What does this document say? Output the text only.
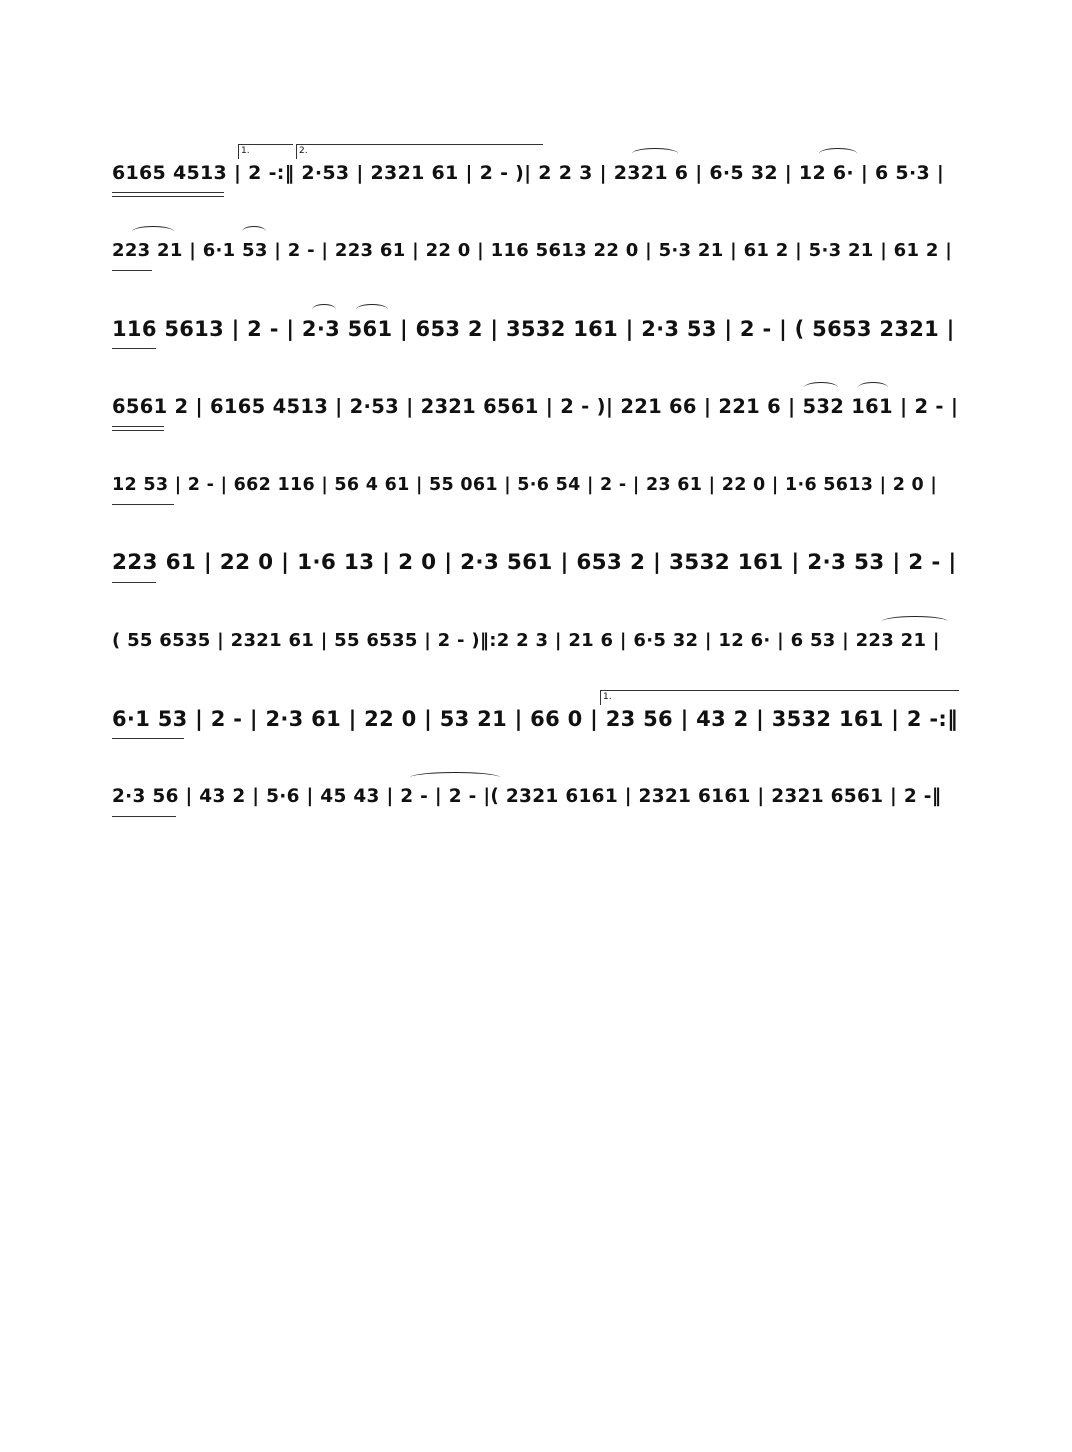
1.	2.
6165 4513 | 2 -:‖ 2·53 | 2321 61 | 2 - )| 2 2 3 | 2321 6 | 6·5 32 | 12 6· | 6 5·3 |
223 21 | 6·1 53 | 2 - | 223 61 | 22 0 | 116 5613 22 0 | 5·3 21 | 61 2 | 5·3 21 | 61 2 |
116 5613 | 2 - | 2·3 561 | 653 2 | 3532 161 | 2·3 53 | 2 - | ( 5653 2321 |
6561 2 | 6165 4513 | 2·53 | 2321 6561 | 2 - )| 221 66 | 221 6 | 532 161 | 2 - |
12 53 | 2 - | 662 116 | 56 4 61 | 55 061 | 5·6 54 | 2 - | 23 61 | 22 0 | 1·6 5613 | 2 0 |
223 61 | 22 0 | 1·6 13 | 2 0 | 2·3 561 | 653 2 | 3532 161 | 2·3 53 | 2 - |
( 55 6535 | 2321 61 | 55 6535 | 2 - )‖:2 2 3 | 21 6 | 6·5 32 | 12 6· | 6 53 | 223 21 |
1.
6·1 53 | 2 - | 2·3 61 | 22 0 | 53 21 | 66 0 | 23 56 | 43 2 | 3532 161 | 2 -:‖
2·3 56 | 43 2 | 5·6 | 45 43 | 2 - | 2 - |( 2321 6161 | 2321 6161 | 2321 6561 | 2 -‖
